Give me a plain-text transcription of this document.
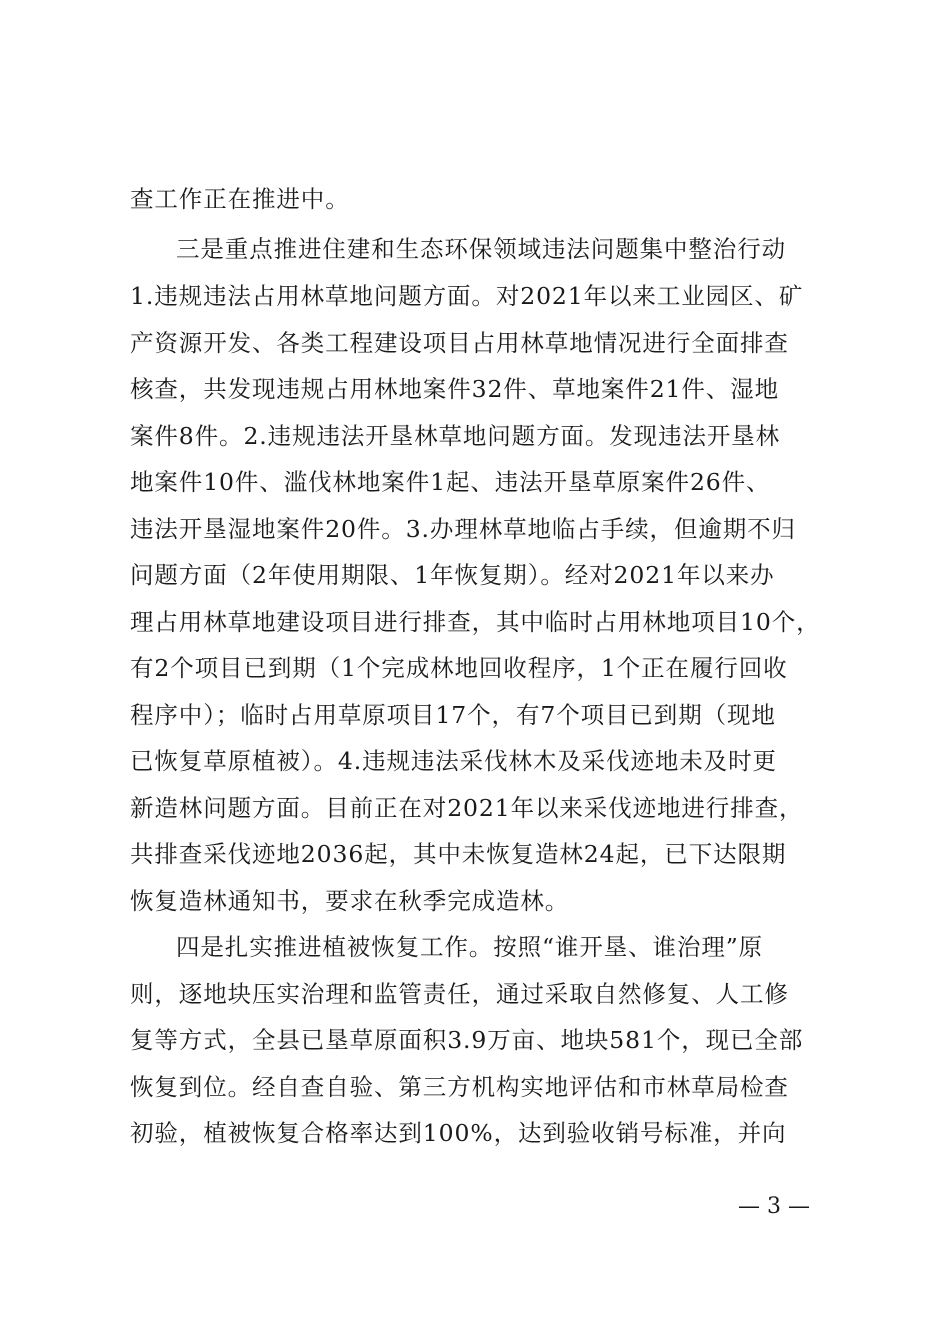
查工作正在推进中。
三是重点推进住建和生态环保领域违法问题集中整治行动
1.违规违法占用林草地问题方面。对2021年以来工业园区、矿
产资源开发、各类工程建设项目占用林草地情况进行全面排查
核查，共发现违规占用林地案件32件、草地案件21件、湿地
案件8件。2.违规违法开垦林草地问题方面。发现违法开垦林
地案件10件、滥伐林地案件1起、违法开垦草原案件26件、
违法开垦湿地案件20件。3.办理林草地临占手续，但逾期不归
问题方面（2年使用期限、1年恢复期）。经对2021年以来办
理占用林草地建设项目进行排查，其中临时占用林地项目10个，
有2个项目已到期（1个完成林地回收程序，1个正在履行回收
程序中）；临时占用草原项目17个，有7个项目已到期（现地
已恢复草原植被）。4.违规违法采伐林木及采伐迹地未及时更
新造林问题方面。目前正在对2021年以来采伐迹地进行排查，
共排查采伐迹地2036起，其中未恢复造林24起，已下达限期
恢复造林通知书，要求在秋季完成造林。
四是扎实推进植被恢复工作。按照“谁开垦、谁治理”原
则，逐地块压实治理和监管责任，通过采取自然修复、人工修
复等方式，全县已垦草原面积3.9万亩、地块581个，现已全部
恢复到位。经自查自验、第三方机构实地评估和市林草局检查
初验，植被恢复合格率达到100%，达到验收销号标准，并向
— 3 —
